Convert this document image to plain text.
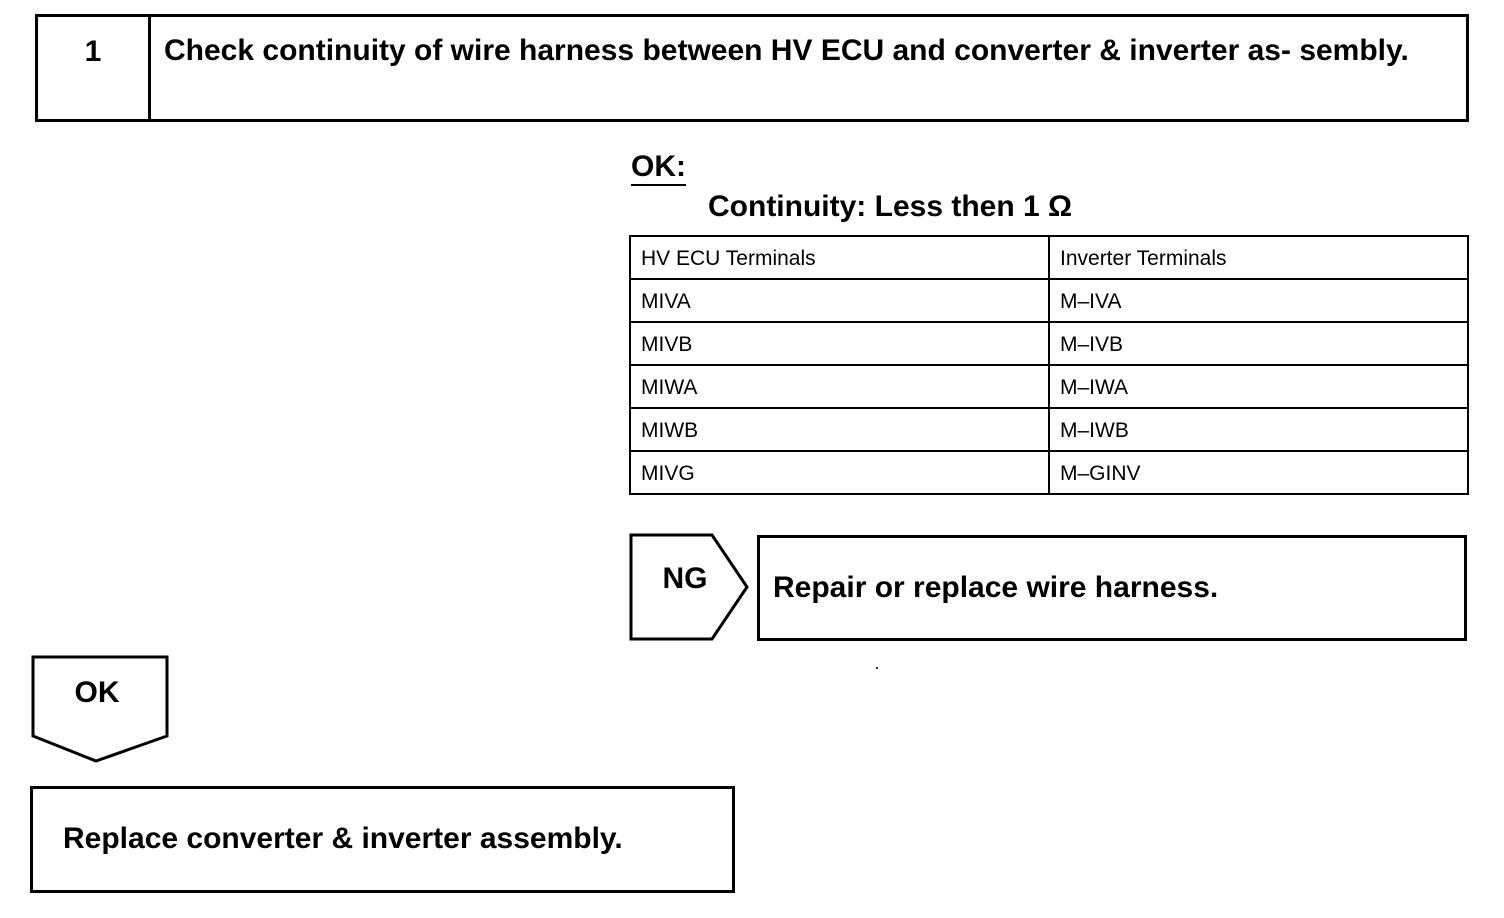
1	Check continuity of wire harness between HV ECU and converter & inverter as- sembly.
OK:
Continuity: Less then 1 Ω
HV ECU Terminals	Inverter Terminals
MIVA	M–IVA
MIVB	M–IVB
MIWA	M–IWA
MIWB	M–IWB
MIVG	M–GINV
NG	Repair or replace wire harness.
OK
Replace converter & inverter assembly.
